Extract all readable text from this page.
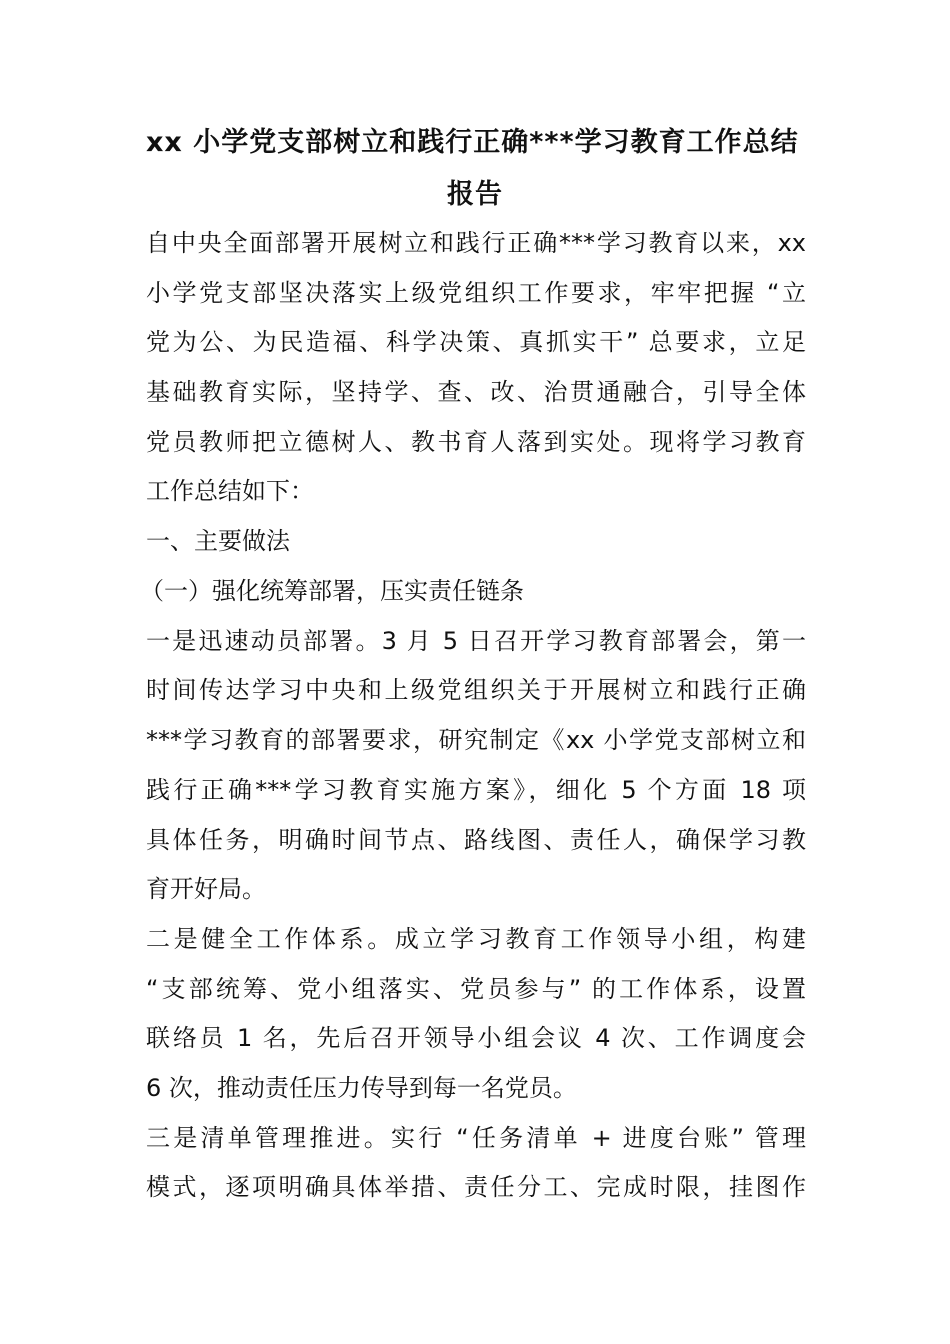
xx 小学党支部树立和践行正确***学习教育工作总结
报告

自中央全面部署开展树立和践行正确***学习教育以来，xx

小学党支部坚决落实上级党组织工作要求，牢牢把握 “立

党为公、为民造福、科学决策、真抓实干” 总要求，立足

基础教育实际，坚持学、查、改、治贯通融合，引导全体

党员教师把立德树人、教书育人落到实处。现将学习教育

工作总结如下：

一、主要做法

（一）强化统筹部署，压实责任链条

一是迅速动员部署。3 月 5 日召开学习教育部署会，第一

时间传达学习中央和上级党组织关于开展树立和践行正确

***学习教育的部署要求，研究制定《xx 小学党支部树立和

践行正确***学习教育实施方案》，细化 5 个方面 18 项

具体任务，明确时间节点、路线图、责任人，确保学习教

育开好局。

二是健全工作体系。成立学习教育工作领导小组，构建

“支部统筹、党小组落实、党员参与” 的工作体系，设置

联络员 1 名，先后召开领导小组会议 4 次、工作调度会

6 次，推动责任压力传导到每一名党员。

三是清单管理推进。实行 “任务清单 + 进度台账” 管理

模式，逐项明确具体举措、责任分工、完成时限，挂图作
